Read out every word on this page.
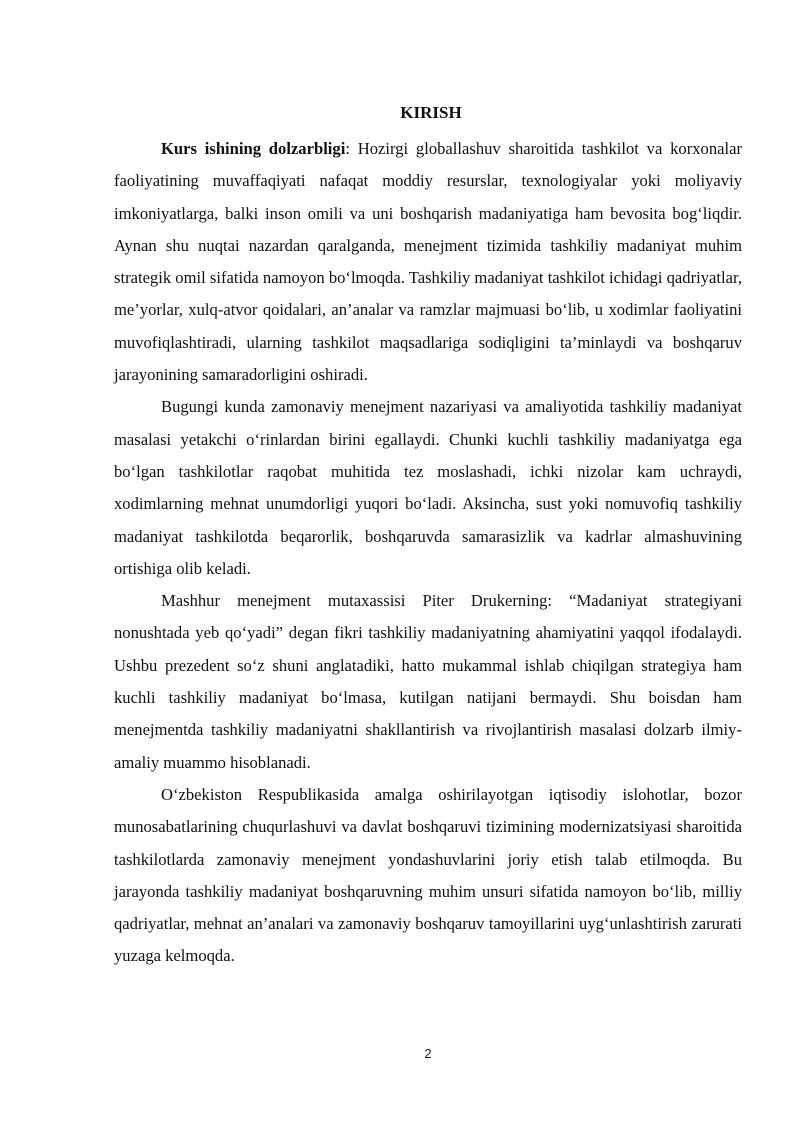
KIRISH

Kurs ishining dolzarbligi: Hozirgi globallashuv sharoitida tashkilot va korxonalar faoliyatining muvaffaqiyati nafaqat moddiy resurslar, texnologiyalar yoki moliyaviy imkoniyatlarga, balki inson omili va uni boshqarish madaniyatiga ham bevosita bog‘liqdir. Aynan shu nuqtai nazardan qaralganda, menejment tizimida tashkiliy madaniyat muhim strategik omil sifatida namoyon bo‘lmoqda. Tashkiliy madaniyat tashkilot ichidagi qadriyatlar, me’yorlar, xulq-atvor qoidalari, an’analar va ramzlar majmuasi bo‘lib, u xodimlar faoliyatini muvofiqlashtiradi, ularning tashkilot maqsadlariga sodiqligini ta’minlaydi va boshqaruv jarayonining samaradorligini oshiradi.

Bugungi kunda zamonaviy menejment nazariyasi va amaliyotida tashkiliy madaniyat masalasi yetakchi o‘rinlardan birini egallaydi. Chunki kuchli tashkiliy madaniyatga ega bo‘lgan tashkilotlar raqobat muhitida tez moslashadi, ichki nizolar kam uchraydi, xodimlarning mehnat unumdorligi yuqori bo‘ladi. Aksincha, sust yoki nomuvofiq tashkiliy madaniyat tashkilotda beqarorlik, boshqaruvda samarasizlik va kadrlar almashuvining ortishiga olib keladi.

Mashhur menejment mutaxassisi Piter Drukerning: “Madaniyat strategiyani nonushtada yeb qo‘yadi” degan fikri tashkiliy madaniyatning ahamiyatini yaqqol ifodalaydi. Ushbu prezedent so‘z shuni anglatadiki, hatto mukammal ishlab chiqilgan strategiya ham kuchli tashkiliy madaniyat bo‘lmasa, kutilgan natijani bermaydi. Shu boisdan ham menejmentda tashkiliy madaniyatni shakllantirish va rivojlantirish masalasi dolzarb ilmiy-amaliy muammo hisoblanadi.

O‘zbekiston Respublikasida amalga oshirilayotgan iqtisodiy islohotlar, bozor munosabatlarining chuqurlashuvi va davlat boshqaruvi tizimining modernizatsiyasi sharoitida tashkilotlarda zamonaviy menejment yondashuvlarini joriy etish talab etilmoqda. Bu jarayonda tashkiliy madaniyat boshqaruvning muhim unsuri sifatida namoyon bo‘lib, milliy qadriyatlar, mehnat an’analari va zamonaviy boshqaruv tamoyillarini uyg‘unlashtirish zarurati yuzaga kelmoqda.

2
